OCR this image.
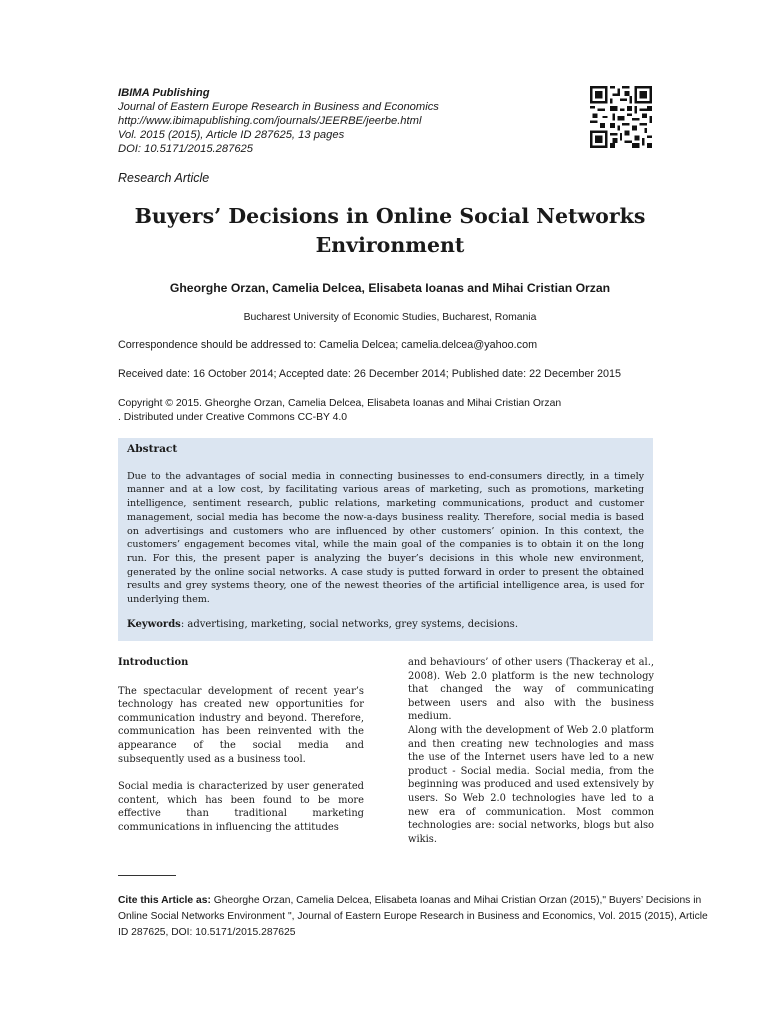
IBIMA Publishing
Journal of Eastern Europe Research in Business and Economics
http://www.ibimapublishing.com/journals/JEERBE/jeerbe.html
Vol. 2015 (2015), Article ID 287625, 13 pages
DOI: 10.5171/2015.287625
Research Article
Buyers’ Decisions in Online Social Networks
Environment
Gheorghe Orzan, Camelia Delcea, Elisabeta Ioanas and Mihai Cristian Orzan
Bucharest University of Economic Studies, Bucharest, Romania
Correspondence should be addressed to: Camelia Delcea; camelia.delcea@yahoo.com
Received date: 16 October 2014; Accepted date: 26 December 2014; Published date: 22 December 2015
Copyright © 2015. Gheorghe Orzan, Camelia Delcea, Elisabeta Ioanas and Mihai Cristian Orzan
. Distributed under Creative Commons CC-BY 4.0
Abstract
Due to the advantages of social media in connecting businesses to end-consumers directly, in a timely manner and at a low cost, by facilitating various areas of marketing, such as promotions, marketing intelligence, sentiment research, public relations, marketing communications, product and customer management, social media has become the now-a-days business reality. Therefore, social media is based on advertisings and customers who are influenced by other customers’ opinion. In this context, the customers’ engagement becomes vital, while the main goal of the companies is to obtain it on the long run. For this, the present paper is analyzing the buyer’s decisions in this whole new environment, generated by the online social networks. A case study is putted forward in order to present the obtained results and grey systems theory, one of the newest theories of the artificial intelligence area, is used for underlying them.
Keywords: advertising, marketing, social networks, grey systems, decisions.

Introduction

The spectacular development of recent year’s technology has created new opportunities for communication industry and beyond. Therefore, communication has been reinvented with the appearance of the social media and subsequently used as a business tool.

Social media is characterized by user generated content, which has been found to be more effective than traditional marketing communications in influencing the attitudes

and behaviours’ of other users (Thackeray et al., 2008). Web 2.0 platform is the new technology that changed the way of communicating between users and also with the business medium.

Along with the development of Web 2.0 platform and then creating new technologies and mass the use of the Internet users have led to a new product - Social media. Social media, from the beginning was produced and used extensively by users. So Web 2.0 technologies have led to a new era of communication. Most common technologies are: social networks, blogs but also wikis.

Cite this Article as: Gheorghe Orzan, Camelia Delcea, Elisabeta Ioanas and Mihai Cristian Orzan (2015)," Buyers’ Decisions in Online Social Networks Environment ", Journal of Eastern Europe Research in Business and Economics, Vol. 2015 (2015), Article ID 287625, DOI: 10.5171/2015.287625
